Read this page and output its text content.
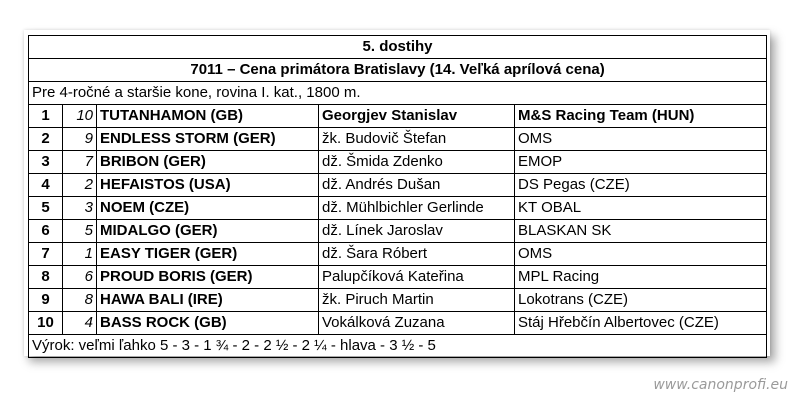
5. dostihy				
7011 – Cena primátora Bratislavy (14. Veľká aprílová cena)				
Pre 4-ročné a staršie kone, rovina I. kat., 1800 m.				
1	10	TUTANHAMON (GB)	Georgjev Stanislav	M&S Racing Team (HUN)
2	9	ENDLESS STORM (GER)	žk. Budovič Štefan	OMS
3	7	BRIBON (GER)	dž. Šmida Zdenko	EMOP
4	2	HEFAISTOS (USA)	dž. Andrés Dušan	DS Pegas (CZE)
5	3	NOEM (CZE)	dž. Mühlbichler Gerlinde	KT OBAL
6	5	MIDALGO (GER)	dž. Línek Jaroslav	BLASKAN SK
7	1	EASY TIGER (GER)	dž. Šara Róbert	OMS
8	6	PROUD BORIS (GER)	Palupčíková Kateřina	MPL Racing
9	8	HAWA BALI (IRE)	žk. Piruch Martin	Lokotrans (CZE)
10	4	BASS ROCK (GB)	Vokálková Zuzana	Stáj Hřebčín Albertovec (CZE)
Výrok: veľmi ľahko 5 - 3 - 1 ¾ - 2 - 2 ½ - 2 ¼ - hlava - 3 ½ - 5				
www.canonprofi.eu
